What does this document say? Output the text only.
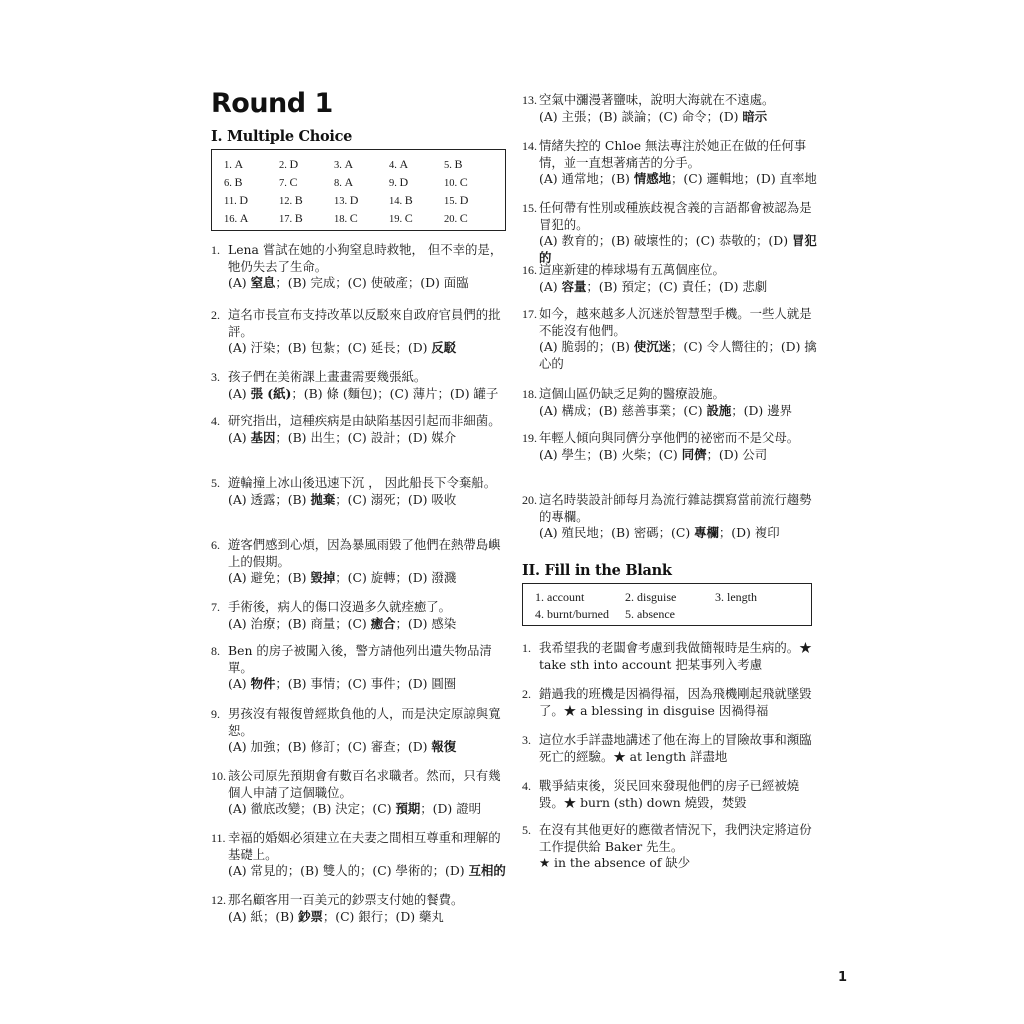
Round 1
I. Multiple Choice
1. A	2. D	3. A	4. A	5. B
6. B	7. C	8. A	9. D	10. C
11. D	12. B	13. D	14. B	15. D
16. A	17. B	18. C	19. C	20. C
1. Lena 嘗試在她的小狗窒息時救牠， 但不幸的是，牠仍失去了生命。
(A) 窒息；(B) 完成；(C) 使破產；(D) 面臨
2. 這名市長宣布支持改革以反駁來自政府官員們的批評。
(A) 汙染；(B) 包紮；(C) 延長；(D) 反駁
3. 孩子們在美術課上畫畫需要幾張紙。
(A) 張 (紙)；(B) 條 (麵包)；(C) 薄片；(D) 罐子
4. 研究指出，這種疾病是由缺陷基因引起而非細菌。
(A) 基因；(B) 出生；(C) 設計；(D) 媒介
5. 遊輪撞上冰山後迅速下沉 ， 因此船長下令棄船。
(A) 透露；(B) 拋棄；(C) 溺死；(D) 吸收
6. 遊客們感到心煩，因為暴風雨毀了他們在熱帶島嶼上的假期。
(A) 避免；(B) 毀掉；(C) 旋轉；(D) 潑濺
7. 手術後，病人的傷口沒過多久就痊癒了。
(A) 治療；(B) 商量；(C) 癒合；(D) 感染
8. Ben 的房子被闖入後，警方請他列出遺失物品清單。
(A) 物件；(B) 事情；(C) 事件；(D) 圓圈
9. 男孩沒有報復曾經欺負他的人，而是決定原諒與寬恕。
(A) 加強；(B) 修訂；(C) 審查；(D) 報復
10. 該公司原先預期會有數百名求職者。然而，只有幾個人申請了這個職位。
(A) 徹底改變；(B) 決定；(C) 預期；(D) 證明
11. 幸福的婚姻必須建立在夫妻之間相互尊重和理解的基礎上。
(A) 常見的；(B) 雙人的；(C) 學術的；(D) 互相的
12. 那名顧客用一百美元的鈔票支付她的餐費。
(A) 紙；(B) 鈔票；(C) 銀行；(D) 藥丸
13. 空氣中瀰漫著鹽味，說明大海就在不遠處。
(A) 主張；(B) 談論；(C) 命令；(D) 暗示
14. 情緒失控的 Chloe 無法專注於她正在做的任何事情，並一直想著痛苦的分手。
(A) 通常地；(B) 情感地；(C) 邏輯地；(D) 直率地
15. 任何帶有性別或種族歧視含義的言語都會被認為是冒犯的。
(A) 教育的；(B) 破壞性的；(C) 恭敬的；(D) 冒犯的
16. 這座新建的棒球場有五萬個座位。
(A) 容量；(B) 預定；(C) 責任；(D) 悲劇
17. 如今，越來越多人沉迷於智慧型手機。一些人就是不能沒有他們。
(A) 脆弱的；(B) 使沉迷；(C) 令人嚮往的；(D) 擒心的
18. 這個山區仍缺乏足夠的醫療設施。
(A) 構成；(B) 慈善事業；(C) 設施；(D) 邊界
19. 年輕人傾向與同儕分享他們的祕密而不是父母。
(A) 學生；(B) 火柴；(C) 同儕；(D) 公司
20. 這名時裝設計師每月為流行雜誌撰寫當前流行趨勢的專欄。
(A) 殖民地；(B) 密碼；(C) 專欄；(D) 複印
1. 我希望我的老闆會考慮到我做簡報時是生病的。★ take sth into account 把某事列入考慮
2. 錯過我的班機是因禍得福，因為飛機剛起飛就墜毀了。★ a blessing in disguise 因禍得福
3. 這位水手詳盡地講述了他在海上的冒險故事和瀕臨死亡的經驗。★ at length 詳盡地
4. 戰爭結束後，災民回來發現他們的房子已經被燒毀。★ burn (sth) down 燒毀，焚毀
5. 在沒有其他更好的應徵者情況下，我們決定將這份工作提供給 Baker 先生。
★ in the absence of 缺少
II. Fill in the Blank
1. account	2. disguise	3. length
4. burnt/burned	5. absence
1
